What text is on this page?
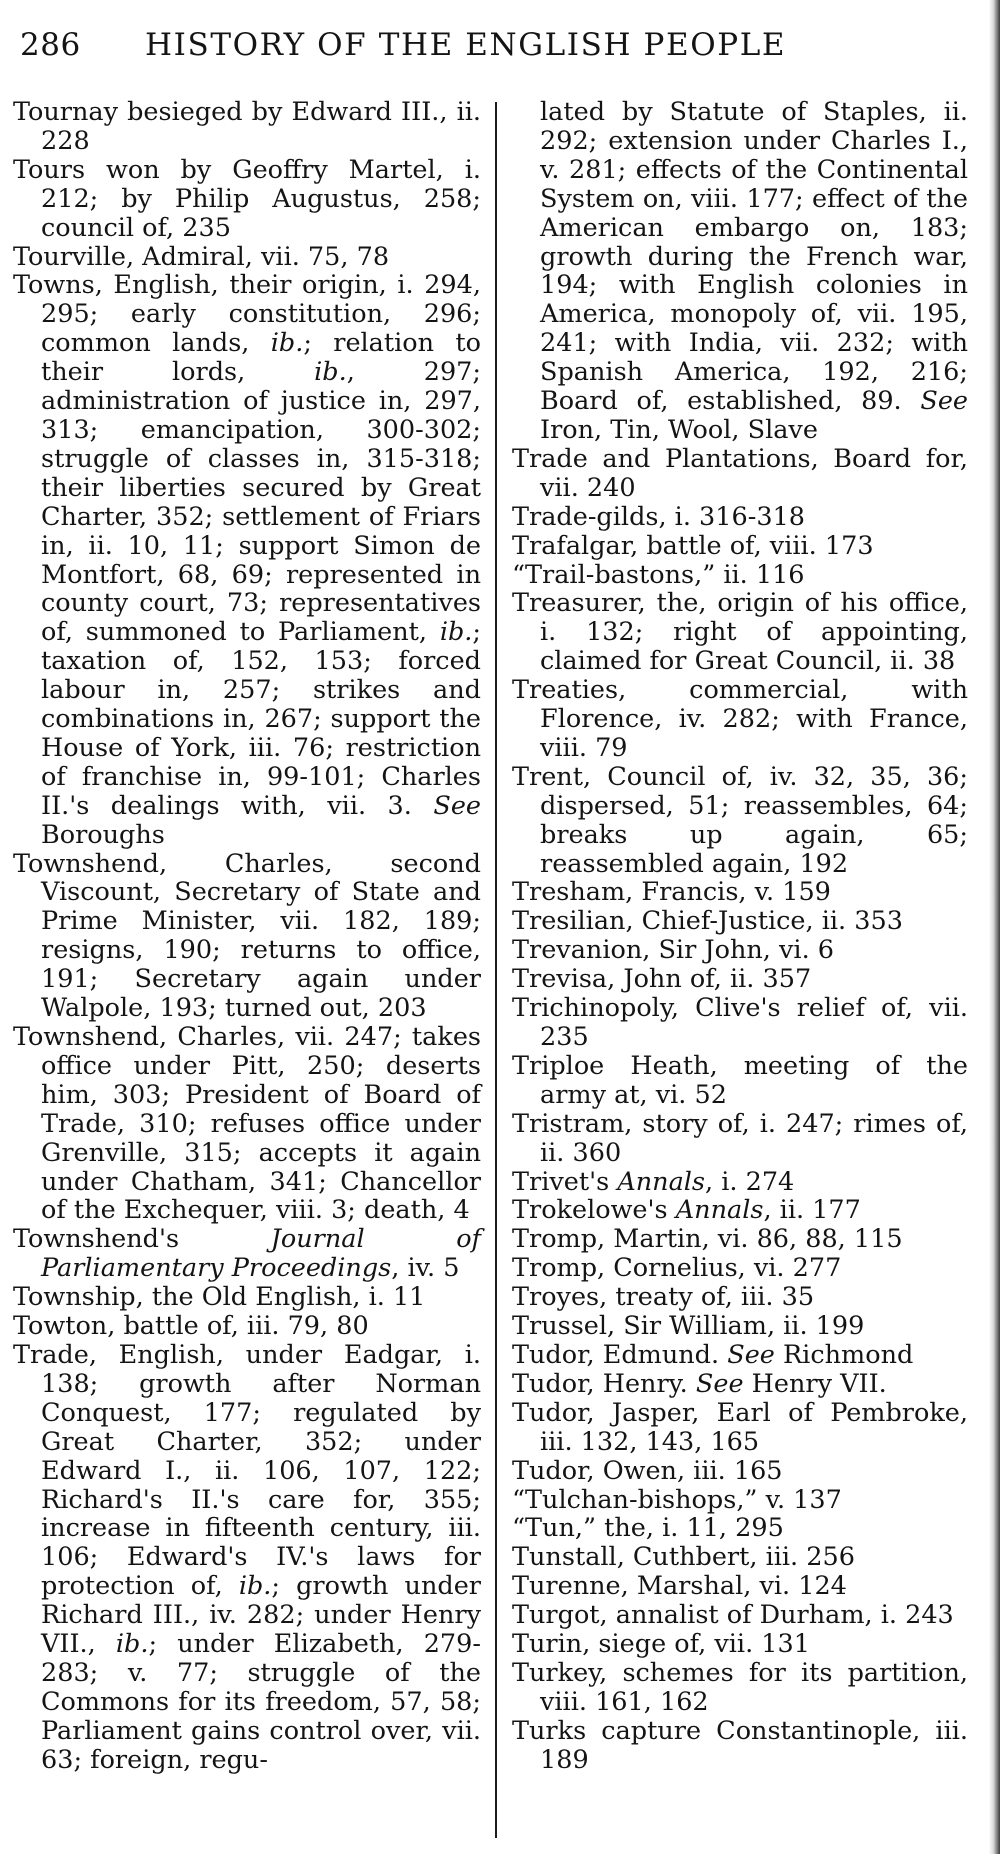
286 HISTORY OF THE ENGLISH PEOPLE

Tournay besieged by Edward III., ii. 228

Tours won by Geoffry Martel, i. 212; by Philip Augustus, 258; council of, 235

Tourville, Admiral, vii. 75, 78

Towns, English, their origin, i. 294, 295; early constitution, 296; common lands, ib.; relation to their lords, ib., 297; administration of justice in, 297, 313; emancipation, 300-302; struggle of classes in, 315-318; their liberties secured by Great Charter, 352; settlement of Friars in, ii. 10, 11; support Simon de Montfort, 68, 69; represented in county court, 73; representatives of, summoned to Parliament, ib.; taxation of, 152, 153; forced labour in, 257; strikes and combinations in, 267; support the House of York, iii. 76; restriction of franchise in, 99-101; Charles II.'s dealings with, vii. 3. See Boroughs

Townshend, Charles, second Viscount, Secretary of State and Prime Minister, vii. 182, 189; resigns, 190; returns to office, 191; Secretary again under Walpole, 193; turned out, 203

Townshend, Charles, vii. 247; takes office under Pitt, 250; deserts him, 303; President of Board of Trade, 310; refuses office under Grenville, 315; accepts it again under Chatham, 341; Chancellor of the Exchequer, viii. 3; death, 4

Townshend's Journal of Parliamentary Proceedings, iv. 5

Township, the Old English, i. 11

Towton, battle of, iii. 79, 80

Trade, English, under Eadgar, i. 138; growth after Norman Conquest, 177; regulated by Great Charter, 352; under Edward I., ii. 106, 107, 122; Richard's II.'s care for, 355; increase in fifteenth century, iii. 106; Edward's IV.'s laws for protection of, ib.; growth under Richard III., iv. 282; under Henry VII., ib.; under Elizabeth, 279-283; v. 77; struggle of the Commons for its freedom, 57, 58; Parliament gains control over, vii. 63; foreign, regu-

lated by Statute of Staples, ii. 292; extension under Charles I., v. 281; effects of the Continental System on, viii. 177; effect of the American embargo on, 183; growth during the French war, 194; with English colonies in America, monopoly of, vii. 195, 241; with India, vii. 232; with Spanish America, 192, 216; Board of, established, 89. See Iron, Tin, Wool, Slave

Trade and Plantations, Board for, vii. 240

Trade-gilds, i. 316-318

Trafalgar, battle of, viii. 173

“Trail-bastons,” ii. 116

Treasurer, the, origin of his office, i. 132; right of appointing, claimed for Great Council, ii. 38

Treaties, commercial, with Florence, iv. 282; with France, viii. 79

Trent, Council of, iv. 32, 35, 36; dispersed, 51; reassembles, 64; breaks up again, 65; reassembled again, 192

Tresham, Francis, v. 159

Tresilian, Chief-Justice, ii. 353

Trevanion, Sir John, vi. 6

Trevisa, John of, ii. 357

Trichinopoly, Clive's relief of, vii. 235

Triploe Heath, meeting of the army at, vi. 52

Tristram, story of, i. 247; rimes of, ii. 360

Trivet's Annals, i. 274

Trokelowe's Annals, ii. 177

Tromp, Martin, vi. 86, 88, 115

Tromp, Cornelius, vi. 277

Troyes, treaty of, iii. 35

Trussel, Sir William, ii. 199

Tudor, Edmund. See Richmond

Tudor, Henry. See Henry VII.

Tudor, Jasper, Earl of Pembroke, iii. 132, 143, 165

Tudor, Owen, iii. 165

“Tulchan-bishops,” v. 137

“Tun,” the, i. 11, 295

Tunstall, Cuthbert, iii. 256

Turenne, Marshal, vi. 124

Turgot, annalist of Durham, i. 243

Turin, siege of, vii. 131

Turkey, schemes for its partition, viii. 161, 162

Turks capture Constantinople, iii. 189
